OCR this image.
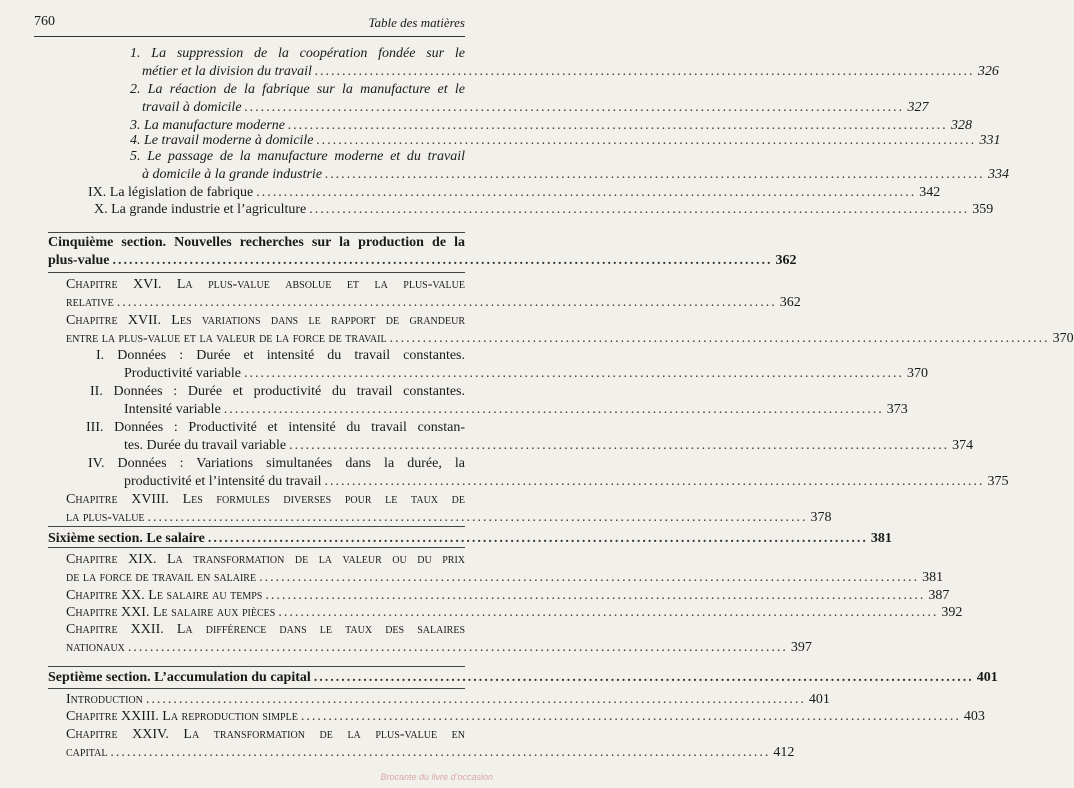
760	Table des matières
1. La suppression de la coopération fondée sur le
métier et la division du travail ........................................................................................................................ 326
2. La réaction de la fabrique sur la manufacture et le
travail à domicile ........................................................................................................................ 327
3. La manufacture moderne ........................................................................................................................ 328
4. Le travail moderne à domicile ........................................................................................................................ 331
5. Le passage de la manufacture moderne et du travail
à domicile à la grande industrie ........................................................................................................................ 334
IX. La législation de fabrique ........................................................................................................................ 342
X. La grande industrie et l’agriculture ........................................................................................................................ 359
Cinquième section. Nouvelles recherches sur la production de la
plus-value ........................................................................................................................ 362
Chapitre XVI. La plus-value absolue et la plus-value
relative ........................................................................................................................ 362
Chapitre XVII. Les variations dans le rapport de grandeur
entre la plus-value et la valeur de la force de travail ........................................................................................................................ 370
I. Données : Durée et intensité du travail constantes.
Productivité variable ........................................................................................................................ 370
II. Données : Durée et productivité du travail constantes.
Intensité variable ........................................................................................................................ 373
III. Données : Productivité et intensité du travail constan-
tes. Durée du travail variable ........................................................................................................................ 374
IV. Données : Variations simultanées dans la durée, la
productivité et l’intensité du travail ........................................................................................................................ 375
Chapitre XVIII. Les formules diverses pour le taux de
la plus-value ........................................................................................................................ 378
Sixième section. Le salaire ........................................................................................................................ 381
Chapitre XIX. La transformation de la valeur ou du prix
de la force de travail en salaire ........................................................................................................................ 381
Chapitre XX. Le salaire au temps ........................................................................................................................ 387
Chapitre XXI. Le salaire aux pièces ........................................................................................................................ 392
Chapitre XXII. La différence dans le taux des salaires
nationaux ........................................................................................................................ 397
Septième section. L’accumulation du capital ........................................................................................................................ 401
Introduction ........................................................................................................................ 401
Chapitre XXIII. La reproduction simple ........................................................................................................................ 403
Chapitre XXIV. La transformation de la plus-value en
capital ........................................................................................................................ 412
Brocante du livre d’occasion
